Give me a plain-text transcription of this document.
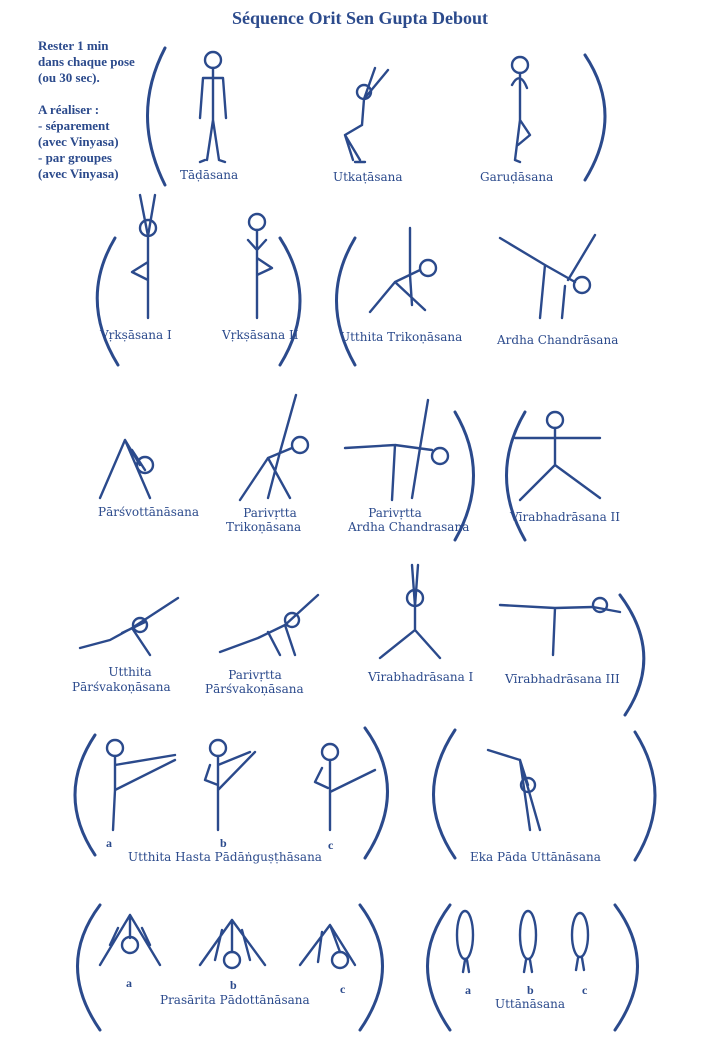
Séquence Orit Sen Gupta Debout
Rester 1 min
dans chaque pose
(ou 30 sec).
A réaliser :
- séparement
(avec Vinyasa)
- par groupes
(avec Vinyasa)	Tāḍāsana	Utkaṭāsana	Garuḍāsana
Vṛkṣāsana I	Vṛkṣāsana II	Utthita Trikoṇāsana	Ardha Chandrāsana
Pārśvottānāsana	Parivṛtta
Trikoṇāsana
Parivṛtta
Ardha Chandrasana
Vīrabhadrāsana II
Utthita
Pārśvakoṇāsana
Parivṛtta
Pārśvakoṇāsana
Vīrabhadrāsana I	Vīrabhadrāsana III
a	b	c
Utthita Hasta Pādāṅguṣṭhāsana	Eka Pāda Uttānāsana
a	b	c
Prasārita Pādottānāsana
a	b	c
Uttānāsana
